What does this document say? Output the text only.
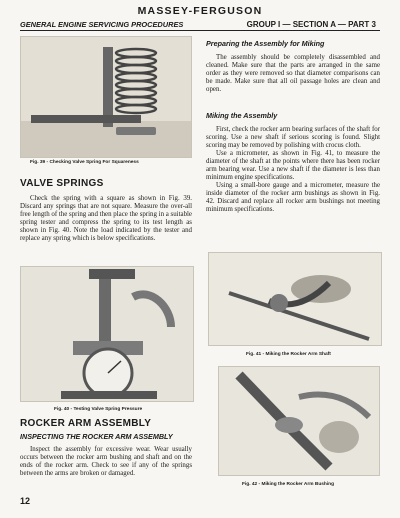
MASSEY-FERGUSON
GENERAL ENGINE SERVICING PROCEDURES	GROUP I — SECTION A — PART 3
Fig. 39 - Checking Valve Spring For Squareness
VALVE SPRINGS

Check the spring with a square as shown in Fig. 39. Discard any springs that are not square. Measure the over-all free length of the spring and then place the spring in a suitable spring tester and compress the spring to its test length as shown in Fig. 40. Note the load indicated by the tester and replace any spring which is below specifications.

Fig. 40 - Testing Valve Spring Pressure
ROCKER ARM ASSEMBLY
INSPECTING THE ROCKER ARM ASSEMBLY

Inspect the assembly for excessive wear. Wear usually occurs between the rocker arm bushing and shaft and on the ends of the rocker arm. Check to see if any of the springs between the arms are broken or damaged.

Preparing the Assembly for Miking

The assembly should be completely disassembled and cleaned. Make sure that the parts are arranged in the same order as they were removed so that diameter comparisons can be made. Make sure that all oil passage holes are clean and open.

Miking the Assembly

First, check the rocker arm bearing surfaces of the shaft for scoring. Use a new shaft if serious scoring is found. Slight scoring may be removed by polishing with crocus cloth.

Use a micrometer, as shown in Fig. 41, to measure the diameter of the shaft at the points where there has been rocker arm bearing wear. Use a new shaft if the diameter is less than minimum engine specifications.

Using a small-bore gauge and a micrometer, measure the inside diameter of the rocker arm bushings as shown in Fig. 42. Discard and replace all rocker arm bushings not meeting minimum specifications.

Fig. 41 - Miking the Rocker Arm Shaft
Fig. 42 - Miking the Rocker Arm Bushing
12
